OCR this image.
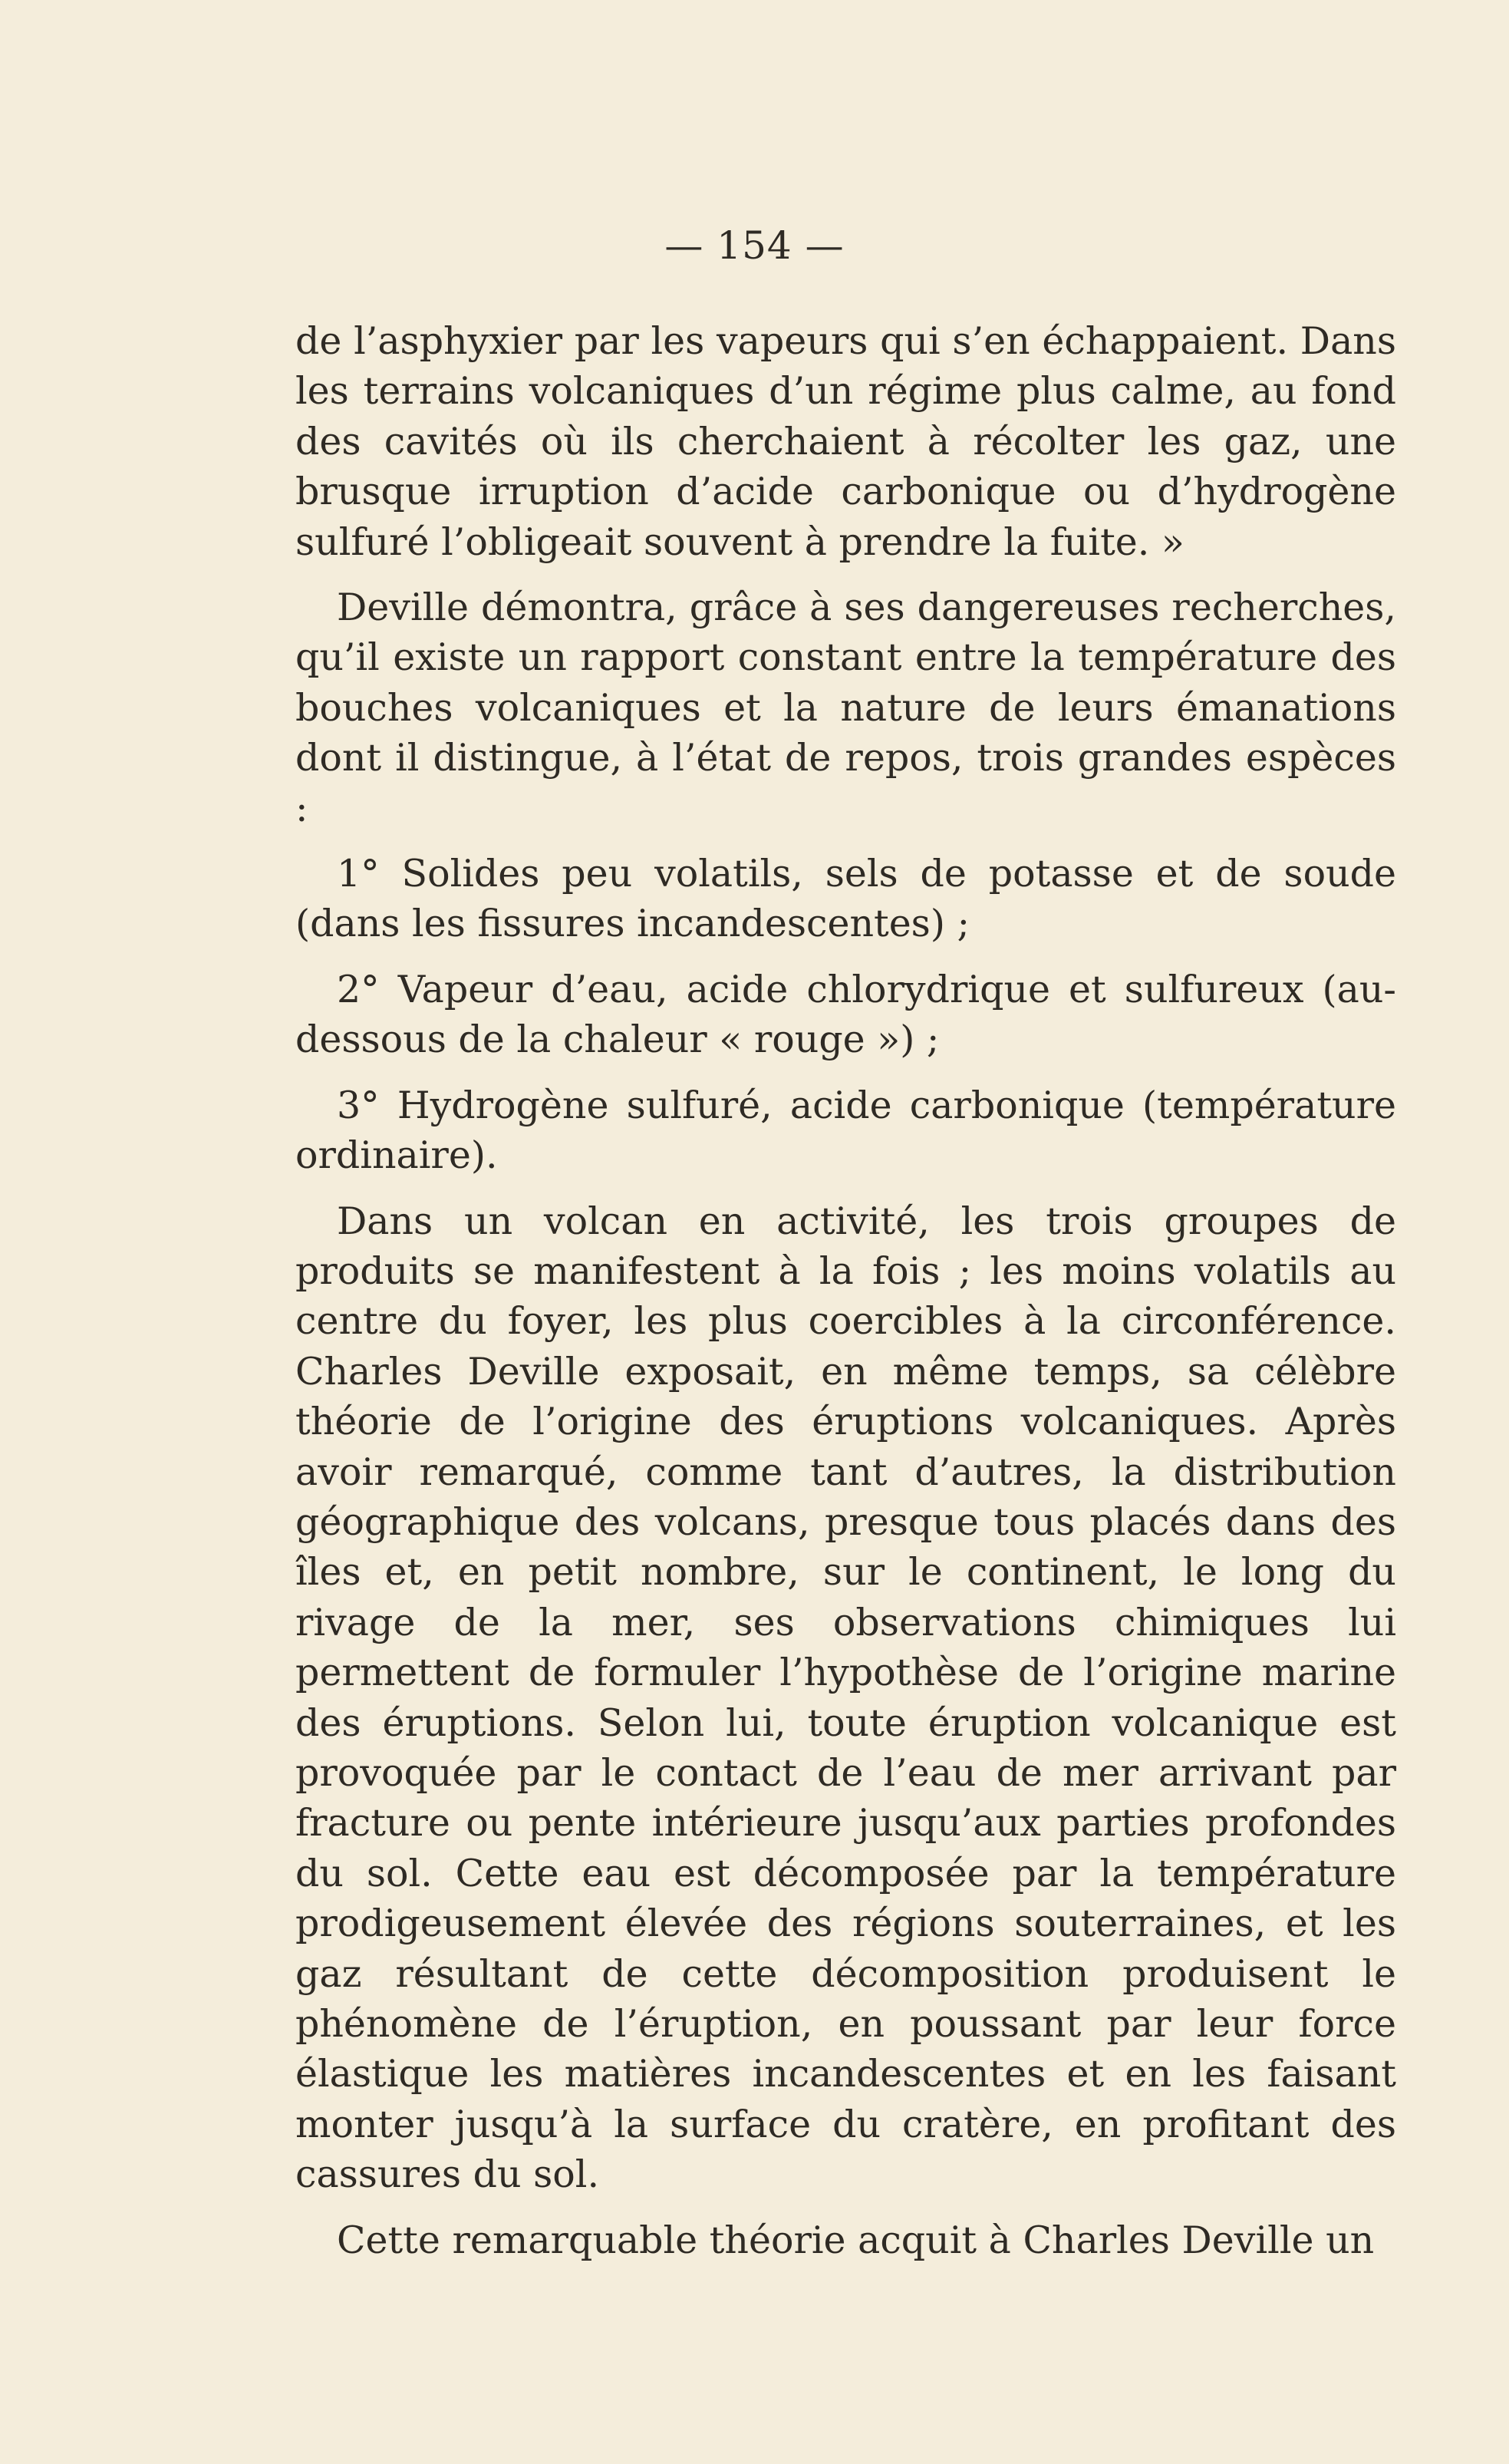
— 154 —

de l’asphyxier par les vapeurs qui s’en échappaient. Dans les terrains volcaniques d’un régime plus calme, au fond des cavités où ils cherchaient à récolter les gaz, une brusque irruption d’acide carbonique ou d’hydrogène sulfuré l’obligeait souvent à prendre la fuite. »

Deville démontra, grâce à ses dangereuses recherches, qu’il existe un rapport constant entre la température des bouches volcaniques et la nature de leurs émanations dont il distingue, à l’état de repos, trois grandes espèces :

1° Solides peu volatils, sels de potasse et de soude (dans les fissures incandescentes) ;

2° Vapeur d’eau, acide chlorydrique et sulfureux (au-dessous de la chaleur « rouge ») ;

3° Hydrogène sulfuré, acide carbonique (température ordinaire).

Dans un volcan en activité, les trois groupes de produits se manifestent à la fois ; les moins volatils au centre du foyer, les plus coercibles à la circonférence. Charles Deville exposait, en même temps, sa célèbre théorie de l’origine des éruptions volcaniques. Après avoir remarqué, comme tant d’autres, la distribution géographique des volcans, presque tous placés dans des îles et, en petit nombre, sur le continent, le long du rivage de la mer, ses observations chimiques lui permettent de formuler l’hypothèse de l’origine marine des éruptions. Selon lui, toute éruption volcanique est provoquée par le contact de l’eau de mer arrivant par fracture ou pente intérieure jusqu’aux parties profondes du sol. Cette eau est décomposée par la température prodigeusement élevée des régions souterraines, et les gaz résultant de cette décomposition produisent le phénomène de l’éruption, en poussant par leur force élastique les matières incandescentes et en les faisant monter jusqu’à la surface du cratère, en profitant des cassures du sol.

Cette remarquable théorie acquit à Charles Deville un
